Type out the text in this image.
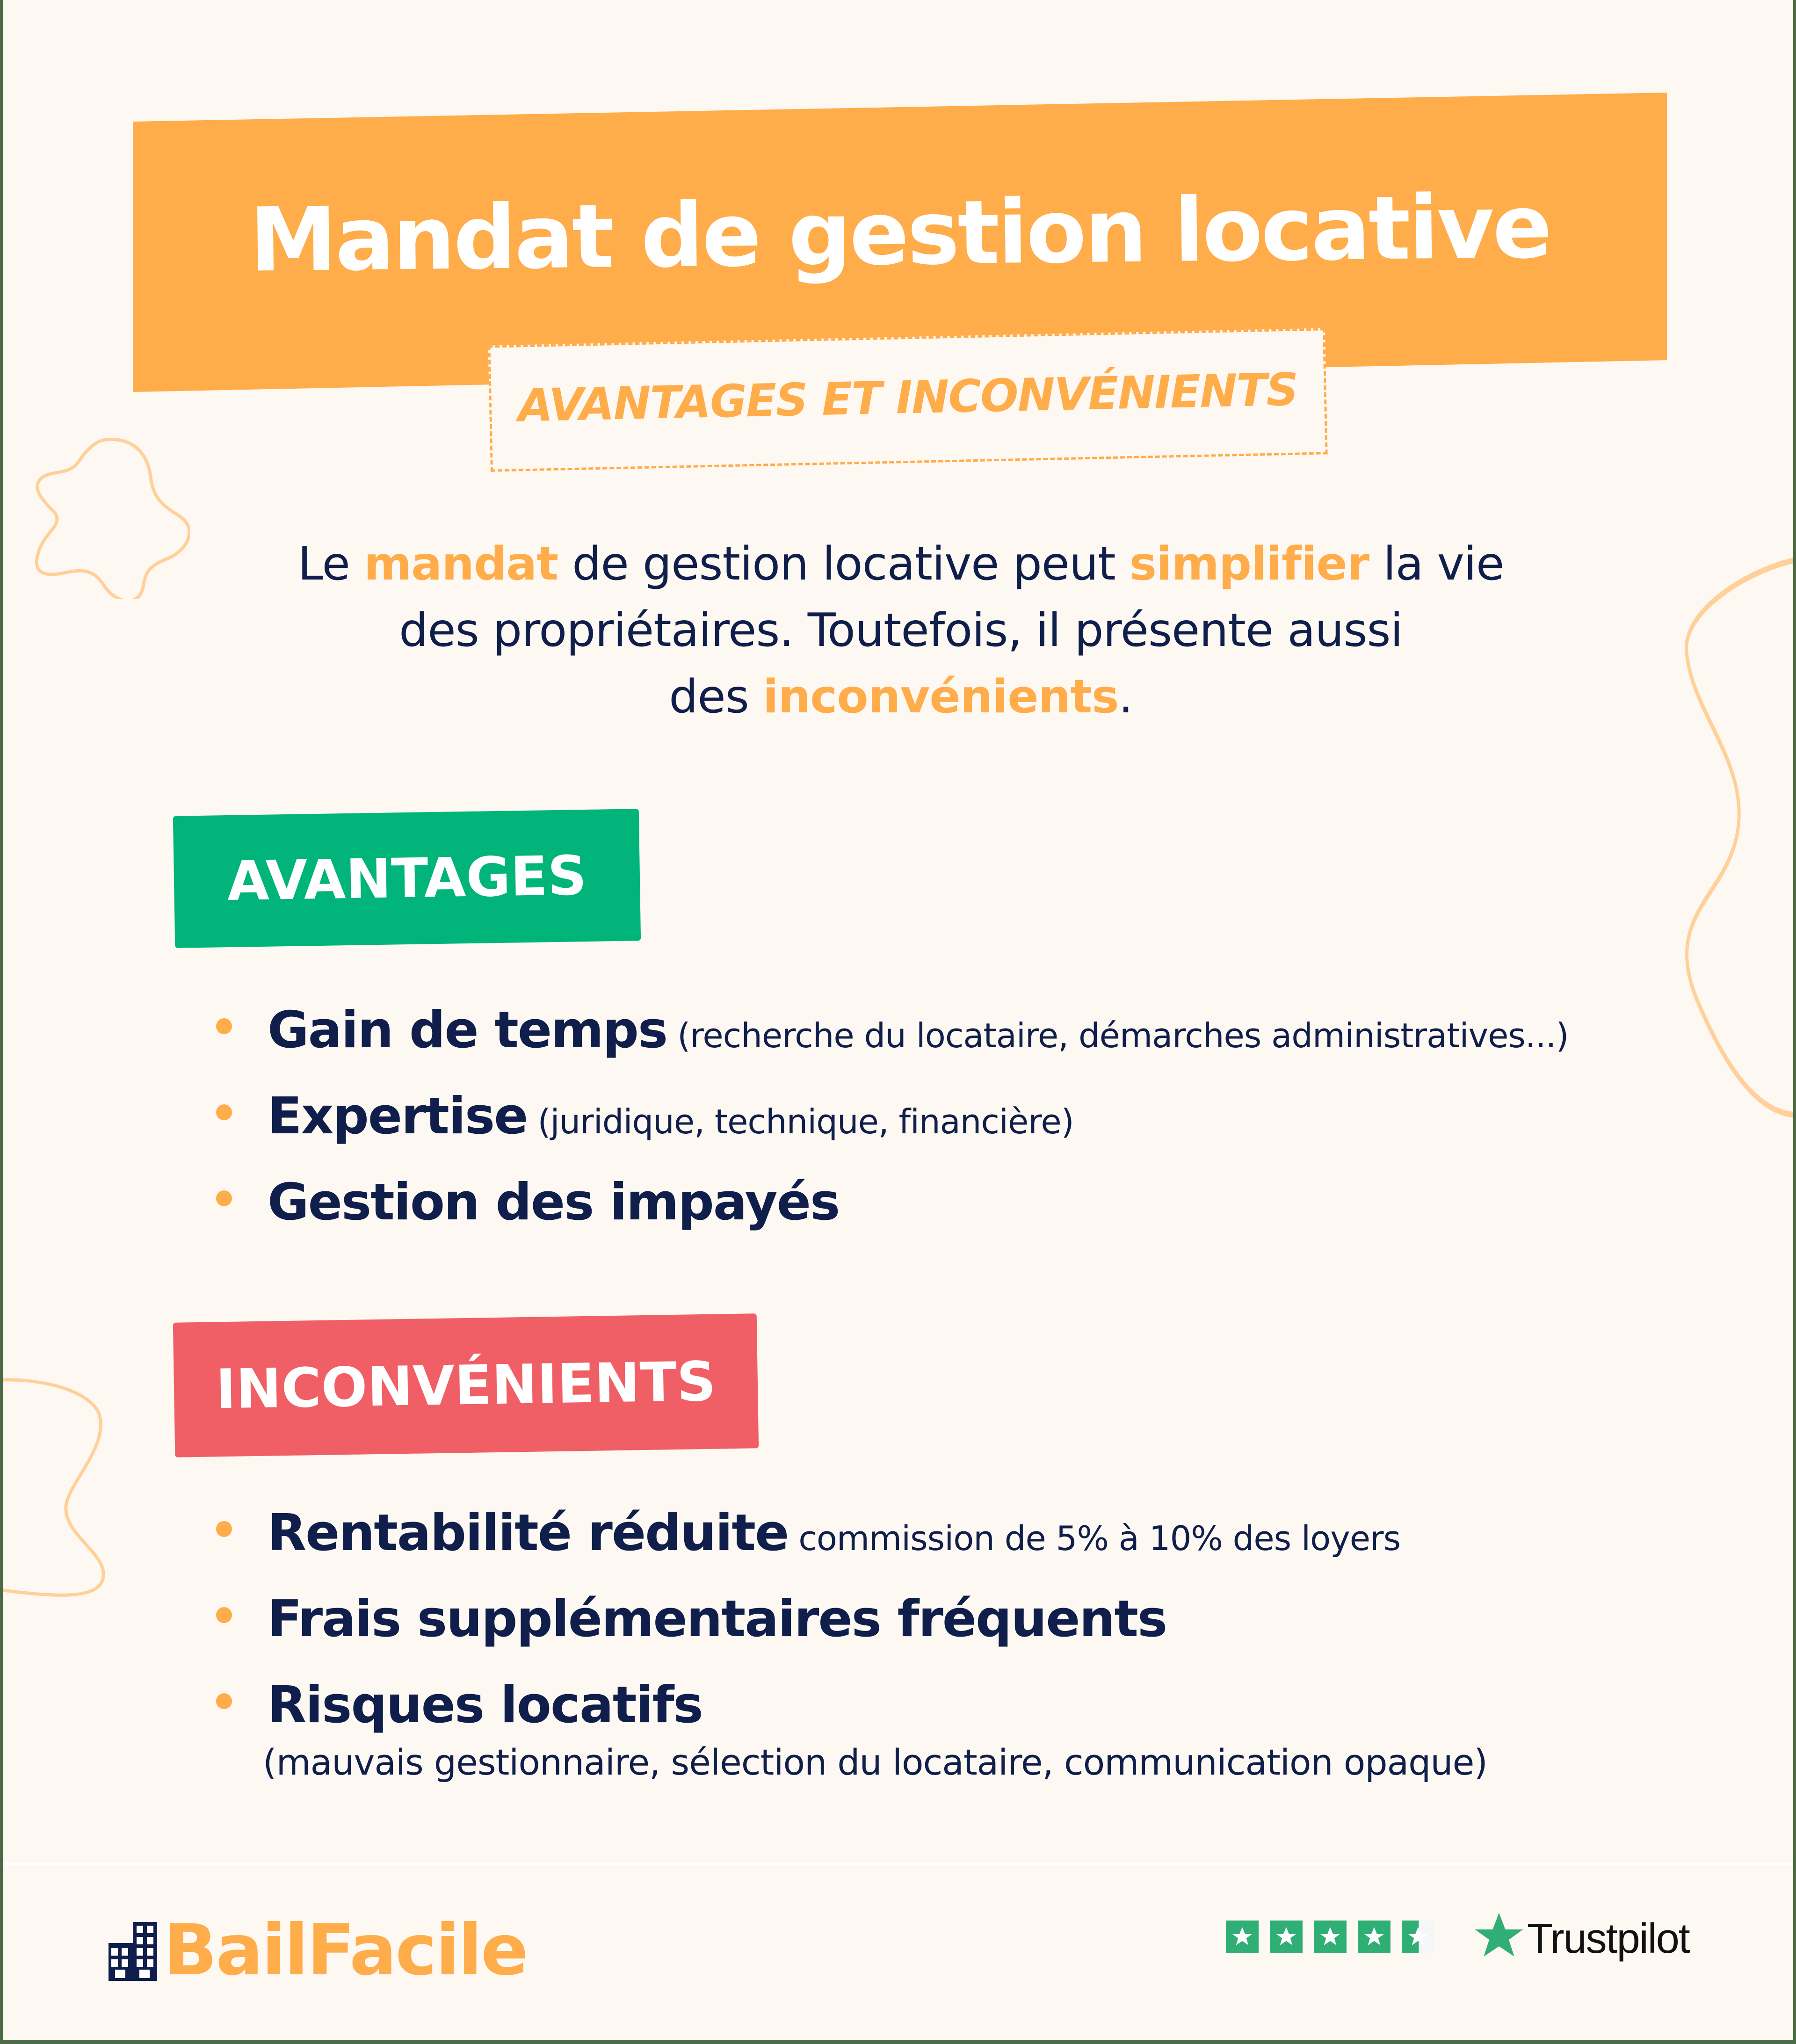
Mandat de gestion locative
AVANTAGES ET INCONVÉNIENTS
Le mandat de gestion locative peut simplifier la vie
des propriétaires. Toutefois, il présente aussi
des inconvénients.
AVANTAGES
Gain de temps (recherche du locataire, démarches administratives...)
Expertise (juridique, technique, financière)
Gestion des impayés
INCONVÉNIENTS
Rentabilité réduite commission de 5% à 10% des loyers
Frais supplémentaires fréquents
Risques locatifs
(mauvais gestionnaire, sélection du locataire, communication opaque)
BailFacile	Trustpilot
